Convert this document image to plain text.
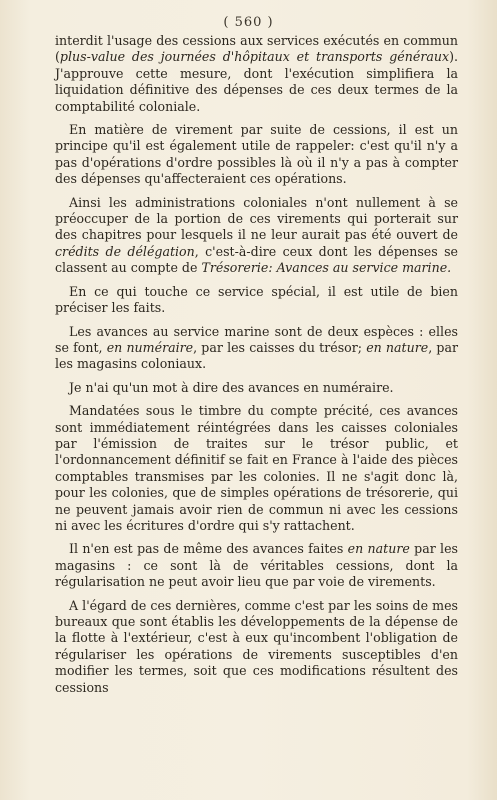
( 560 )

interdit l'usage des cessions aux services exécutés en commun (plus-value des journées d'hôpitaux et transports généraux). J'approuve cette mesure, dont l'exécution simplifiera la liquidation définitive des dépenses de ces deux termes de la comptabilité coloniale.

En matière de virement par suite de cessions, il est un principe qu'il est également utile de rappeler: c'est qu'il n'y a pas d'opérations d'ordre possibles là où il n'y a pas à compter des dépenses qu'affecteraient ces opérations.

Ainsi les administrations coloniales n'ont nullement à se préoccuper de la portion de ces virements qui porterait sur des chapitres pour lesquels il ne leur aurait pas été ouvert de crédits de délégation, c'est-à-dire ceux dont les dépenses se classent au compte de Trésorerie: Avances au service marine.

En ce qui touche ce service spécial, il est utile de bien préciser les faits.

Les avances au service marine sont de deux espèces : elles se font, en numéraire, par les caisses du trésor; en nature, par les magasins coloniaux.

Je n'ai qu'un mot à dire des avances en numéraire.

Mandatées sous le timbre du compte précité, ces avances sont immédiatement réintégrées dans les caisses coloniales par l'émission de traites sur le trésor public, et l'ordonnancement définitif se fait en France à l'aide des pièces comptables transmises par les colonies. Il ne s'agit donc là, pour les colonies, que de simples opérations de trésorerie, qui ne peuvent jamais avoir rien de commun ni avec les cessions ni avec les écritures d'ordre qui s'y rattachent.

Il n'en est pas de même des avances faites en nature par les magasins : ce sont là de véritables cessions, dont la régularisation ne peut avoir lieu que par voie de virements.

A l'égard de ces dernières, comme c'est par les soins de mes bureaux que sont établis les développements de la dépense de la flotte à l'extérieur, c'est à eux qu'incombent l'obligation de régulariser les opérations de virements susceptibles d'en modifier les termes, soit que ces modifications résultent des cessions
